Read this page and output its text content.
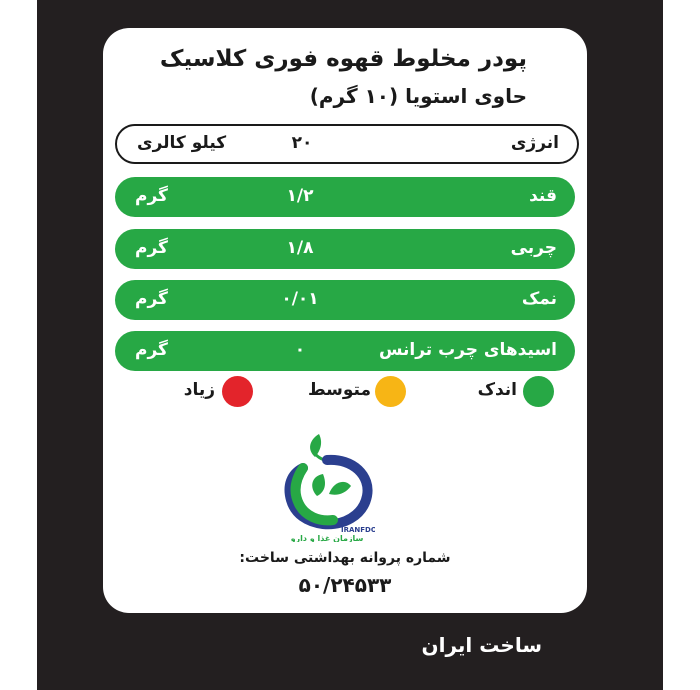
پودر مخلوط قهوه فوری کلاسیک
حاوی استویا (۱۰ گرم)
انرژی
۲۰
کیلو کالری
قند
۱/۲
گرم
چربی
۱/۸
گرم
نمک
۰/۰۱
گرم
اسیدهای چرب ترانس
۰
گرم
اندک
متوسط
زیاد
IRANFDO
سازمان غذا و دارو
شماره پروانه بهداشتی ساخت:
۵۰/۲۴۵۳۳
ساخت ایران
